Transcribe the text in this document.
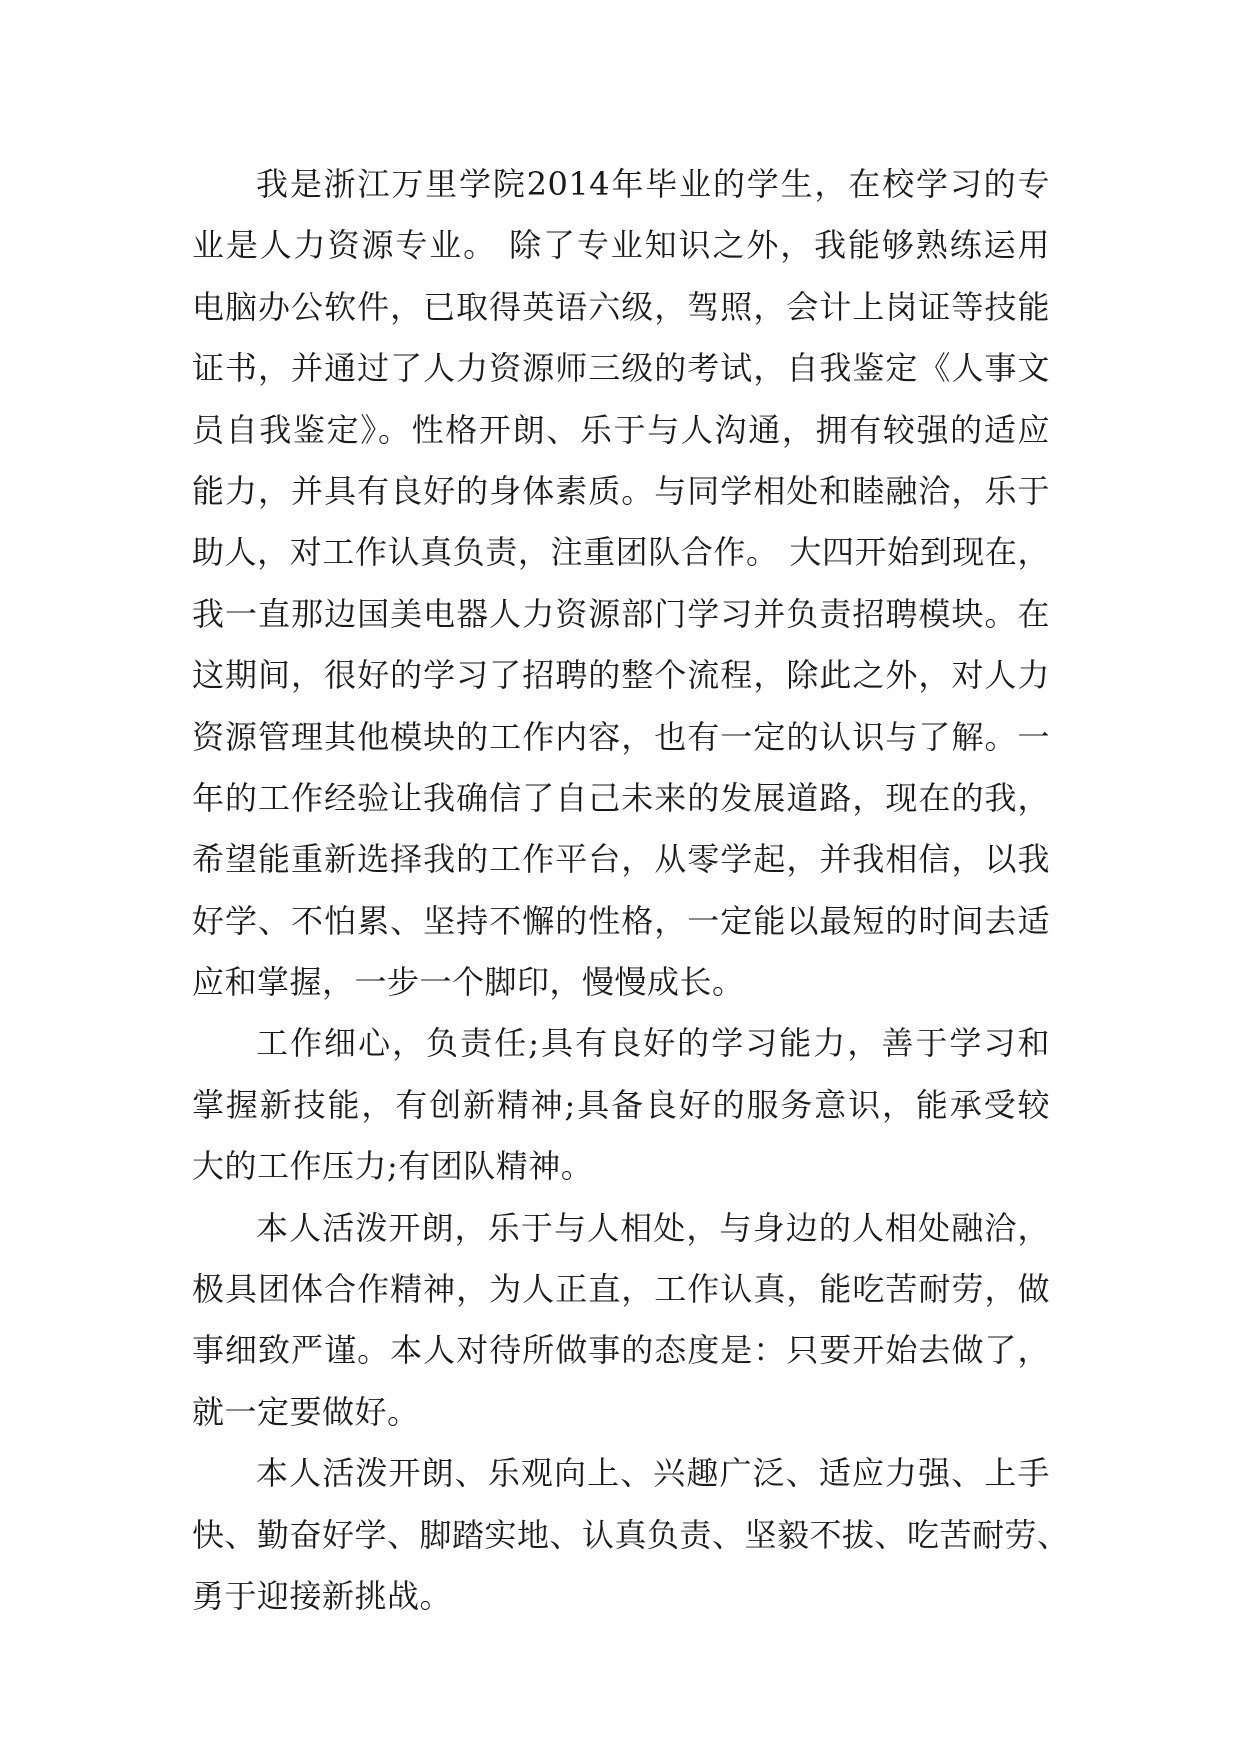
我是浙江万里学院2014年毕业的学生，在校学习的专
业是人力资源专业。 除了专业知识之外，我能够熟练运用
电脑办公软件，已取得英语六级，驾照，会计上岗证等技能
证书，并通过了人力资源师三级的考试，自我鉴定《人事文
员自我鉴定》。性格开朗、乐于与人沟通，拥有较强的适应
能力，并具有良好的身体素质。与同学相处和睦融洽，乐于
助人，对工作认真负责，注重团队合作。 大四开始到现在，
我一直那边国美电器人力资源部门学习并负责招聘模块。在
这期间，很好的学习了招聘的整个流程，除此之外，对人力
资源管理其他模块的工作内容，也有一定的认识与了解。一
年的工作经验让我确信了自己未来的发展道路，现在的我，
希望能重新选择我的工作平台，从零学起，并我相信，以我
好学、不怕累、坚持不懈的性格，一定能以最短的时间去适
应和掌握，一步一个脚印，慢慢成长。
工作细心，负责任;具有良好的学习能力，善于学习和
掌握新技能，有创新精神;具备良好的服务意识，能承受较
大的工作压力;有团队精神。
本人活泼开朗，乐于与人相处，与身边的人相处融洽，
极具团体合作精神，为人正直，工作认真，能吃苦耐劳，做
事细致严谨。本人对待所做事的态度是：只要开始去做了，
就一定要做好。
本人活泼开朗、乐观向上、兴趣广泛、适应力强、上手
快、勤奋好学、脚踏实地、认真负责、坚毅不拔、吃苦耐劳、
勇于迎接新挑战。
